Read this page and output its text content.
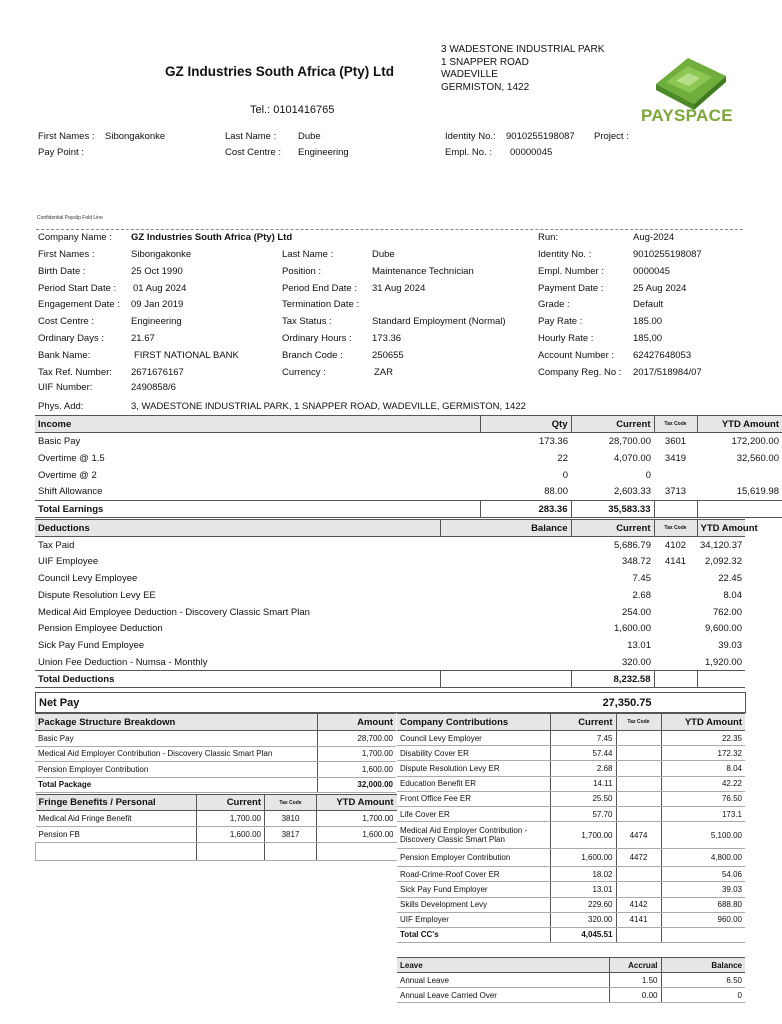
GZ Industries South Africa (Pty) Ltd
3 WADESTONE INDUSTRIAL PARK
1 SNAPPER ROAD
WADEVILLE
GERMISTON, 1422
Tel.: 0101416765	PAYSPACE
First Names : Sibongakonke	Last Name : Dube	Identity No.: 9010255198087 Project :
Pay Point :	Cost Centre : Engineering	Empl. No. : 00000045
Confidential Payslip Fold Line
Company Name : GZ Industries South Africa (Pty) Ltd	Run:	Aug-2024
First Names :	Sibongakonke	Last Name :	Dube	Identity No. :	9010255198087
Birth Date :	25 Oct 1990	Position :	Maintenance Technician	Empl. Number :	0000045
Period Start Date : 01 Aug 2024	Period End Date : 31 Aug 2024	Payment Date :	25 Aug 2024
Engagement Date : 09 Jan 2019	Termination Date :	Grade :	Default
Cost Centre :	Engineering	Tax Status :	Standard Employment (Normal)	Pay Rate :	185.00
Ordinary Days :	21.67	Ordinary Hours : 173.36	Hourly Rate :	185,00
Bank Name:	FIRST NATIONAL BANK	Branch Code :	250655	Account Number : 62427648053
Tax Ref. Number: 2671676167	Currency :	ZAR	Company Reg. No : 2017/518984/07
UIF Number:	2490858/6
Phys. Add:	3, WADESTONE INDUSTRIAL PARK, 1 SNAPPER ROAD, WADEVILLE, GERMISTON, 1422
Income	Qty	Current	Tax Code	YTD Amount
Basic Pay	173.36	28,700.00	3601	172,200.00
Overtime @ 1.5	22	4,070.00	3419	32,560.00
Overtime @ 2	0	0		
Shift Allowance	88.00	2,603.33	3713	15,619.98
Total Earnings	283.36	35,583.33		
Deductions	Balance	Current	Tax Code	YTD Amount
Tax Paid		5,686.79	4102	34,120.37
UIF Employee		348.72	4141	2,092.32
Council Levy Employee		7.45		22.45
Dispute Resolution Levy EE		2.68		8.04
Medical Aid Employee Deduction - Discovery Classic Smart Plan		254.00		762.00
Pension Employee Deduction		1,600.00		9,600.00
Sick Pay Fund Employee		13.01		39.03
Union Fee Deduction - Numsa - Monthly		320.00		1,920.00
Total Deductions		8,232.58		
Net Pay	27,350.75	
Package Structure Breakdown	Amount
Basic Pay	28,700.00
Medical Aid Employer Contribution - Discovery Classic Smart Plan	1,700.00
Pension Employer Contribution	1,600.00
Total Package	32,000.00
Fringe Benefits / Personal	Current	Tax Code	YTD Amount
Medical Aid Fringe Benefit	1,700.00	3810	1,700.00
Pension FB	1,600.00	3817	1,600.00

Company Contributions	Current	Tax Code	YTD Amount
Council Levy Employer	7.45		22.35
Disability Cover ER	57.44		172.32
Dispute Resolution Levy ER	2.68		8.04
Education Benefit ER	14.11		42.22
Front Office Fee ER	25.50		76.50
Life Cover ER	57.70		173.1

Medical Aid Employer Contribution -
Discovery Classic Smart Plan	1,700.00	4474	5,100.00
Pension Employer Contribution	1,600.00	4472	4,800.00
Road-Crime-Roof Cover ER	18.02		54.06
Sick Pay Fund Employer	13.01		39.03
Skills Development Levy	229.60	4142	688.80
UIF Employer	320.00	4141	960.00
Total CC's	4,045.51		
Leave	Accrual	Balance
Annual Leave	1.50	6.50
Annual Leave Carried Over	0.00	0
